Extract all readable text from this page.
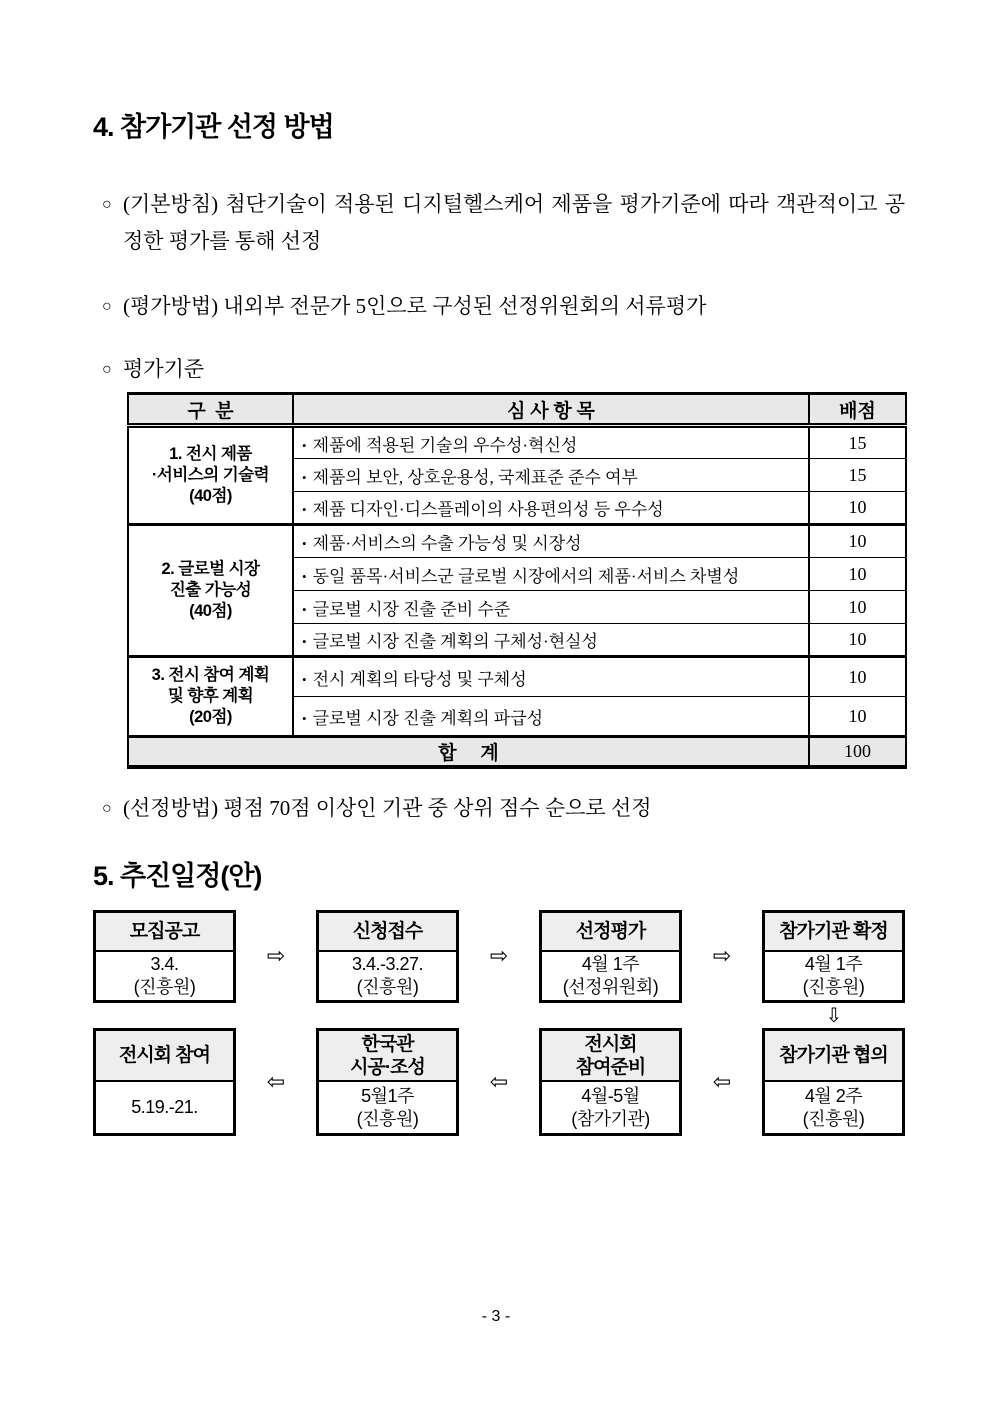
4. 참가기관 선정 방법
○ (기본방침) 첨단기술이 적용된 디지털헬스케어 제품을 평가기준에 따라 객관적이고 공정한 평가를 통해 선정
○ (평가방법) 내외부 전문가 5인으로 구성된 선정위원회의 서류평가
○ 평가기준
구  분	심 사 항 목	배점

1. 전시 제품
·서비스의 기술력
(40점)	• 제품에 적용된 기술의 우수성·혁신성	15
	• 제품의 보안, 상호운용성, 국제표준 준수 여부	15
	• 제품 디자인·디스플레이의 사용편의성 등 우수성	10

2. 글로벌 시장
진출 가능성
(40점)	• 제품·서비스의 수출 가능성 및 시장성	10
	• 동일 품목·서비스군 글로벌 시장에서의 제품·서비스 차별성	10
	• 글로벌 시장 진출 준비 수준	10
	• 글로벌 시장 진출 계획의 구체성·현실성	10

3. 전시 참여 계획
및 향후 계획
(20점)	• 전시 계획의 타당성 및 구체성	10
	• 글로벌 시장 진출 계획의 파급성	10
합     계		100
○ (선정방법) 평점 70점 이상인 기관 중 상위 점수 순으로 선정
5. 추진일정(안)
모집공고
3.4.
(진흥원)
⇨
신청접수
3.4.-3.27.
(진흥원)
⇨
선정평가
4월 1주
(선정위원회)
⇨
참가기관 확정
4월 1주
(진흥원)
⇩
전시회 참여
5.19.-21.
⇦
한국관
시공·조성
5월1주
(진흥원)
⇦
전시회
참여준비
4월-5월
(참가기관)
⇦
참가기관 협의
4월 2주
(진흥원)
- 3 -
